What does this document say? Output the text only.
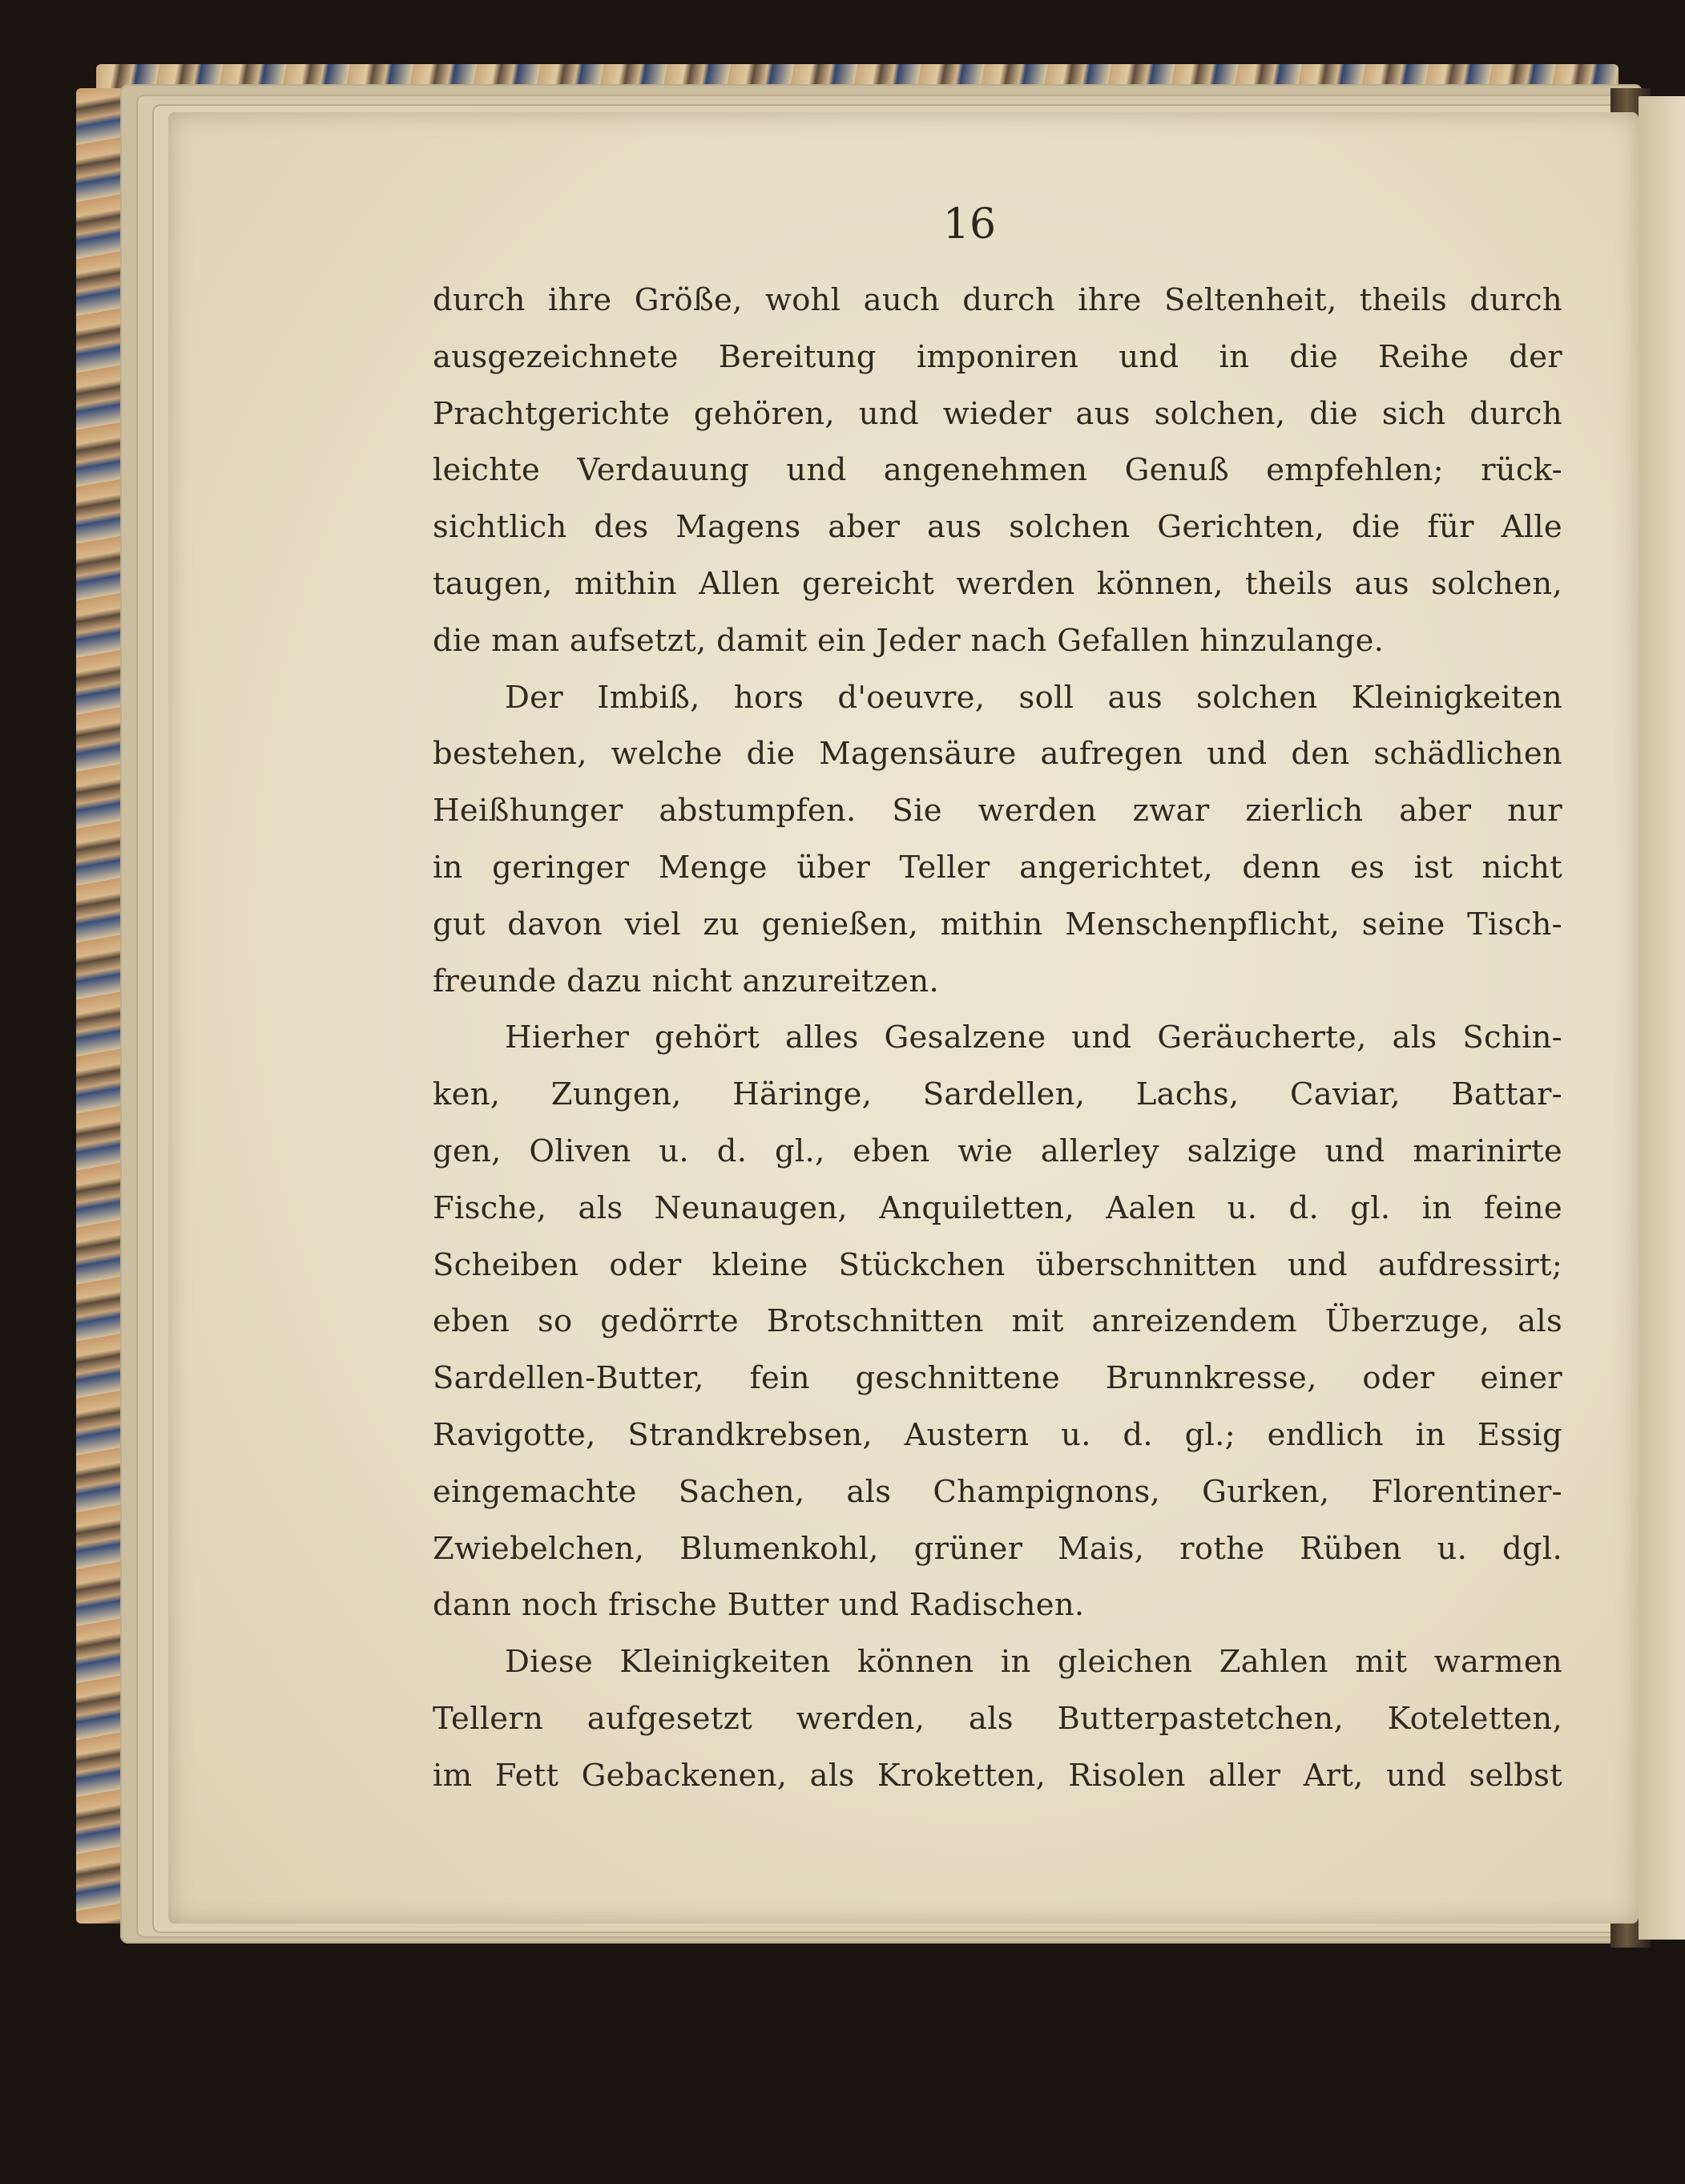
16
durch ihre Größe, wohl auch durch ihre Seltenheit, theils durch
ausgezeichnete Bereitung imponiren und in die Reihe der
Prachtgerichte gehören, und wieder aus solchen, die sich durch
leichte Verdauung und angenehmen Genuß empfehlen; rück-
sichtlich des Magens aber aus solchen Gerichten, die für Alle
taugen, mithin Allen gereicht werden können, theils aus solchen,
die man aufsetzt, damit ein Jeder nach Gefallen hinzulange.
Der Imbiß, hors d'oeuvre, soll aus solchen Kleinigkeiten
bestehen, welche die Magensäure aufregen und den schädlichen
Heißhunger abstumpfen. Sie werden zwar zierlich aber nur
in geringer Menge über Teller angerichtet, denn es ist nicht
gut davon viel zu genießen, mithin Menschenpflicht, seine Tisch-
freunde dazu nicht anzureitzen.
Hierher gehört alles Gesalzene und Geräucherte, als Schin-
ken, Zungen, Häringe, Sardellen, Lachs, Caviar, Battar-
gen, Oliven u. d. gl., eben wie allerley salzige und marinirte
Fische, als Neunaugen, Anquiletten, Aalen u. d. gl. in feine
Scheiben oder kleine Stückchen überschnitten und aufdressirt;
eben so gedörrte Brotschnitten mit anreizendem Überzuge, als
Sardellen-Butter, fein geschnittene Brunnkresse, oder einer
Ravigotte, Strandkrebsen, Austern u. d. gl.; endlich in Essig
eingemachte Sachen, als Champignons, Gurken, Florentiner-
Zwiebelchen, Blumenkohl, grüner Mais, rothe Rüben u. dgl.
dann noch frische Butter und Radischen.
Diese Kleinigkeiten können in gleichen Zahlen mit warmen
Tellern aufgesetzt werden, als Butterpastetchen, Koteletten,
im Fett Gebackenen, als Kroketten, Risolen aller Art, und selbst
